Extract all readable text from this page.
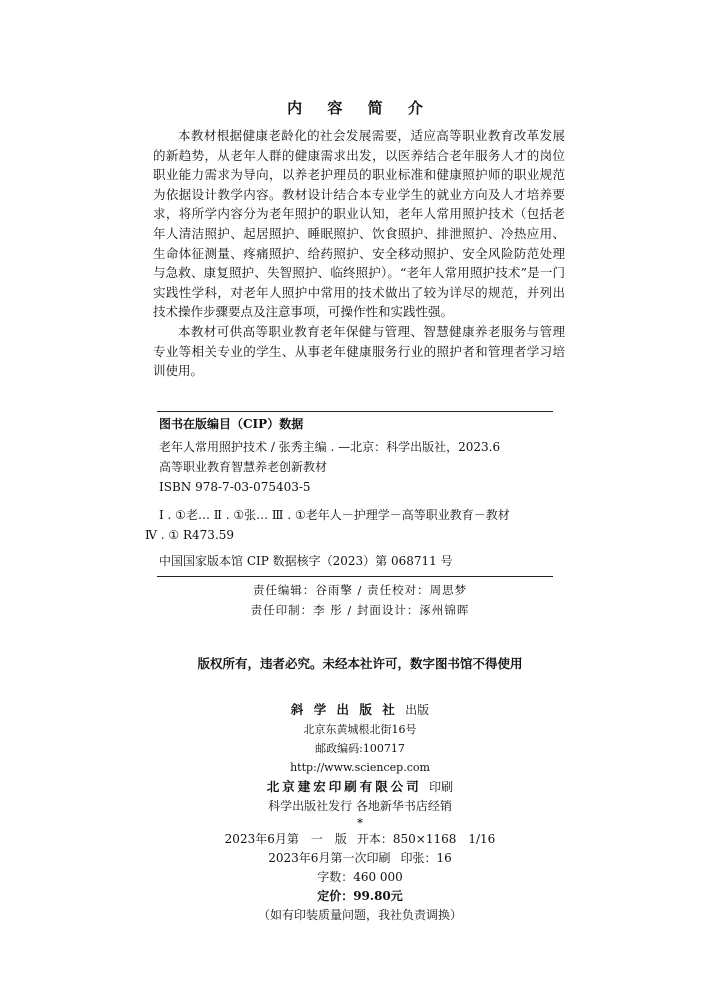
内 容 简 介

本教材根据健康老龄化的社会发展需要，适应高等职业教育改革发展的新趋势，从老年人群的健康需求出发，以医养结合老年服务人才的岗位职业能力需求为导向，以养老护理员的职业标准和健康照护师的职业规范为依据设计教学内容。教材设计结合本专业学生的就业方向及人才培养要求，将所学内容分为老年照护的职业认知，老年人常用照护技术（包括老年人清洁照护、起居照护、睡眠照护、饮食照护、排泄照护、冷热应用、生命体征测量、疼痛照护、给药照护、安全移动照护、安全风险防范处理与急救、康复照护、失智照护、临终照护）。“老年人常用照护技术”是一门实践性学科，对老年人照护中常用的技术做出了较为详尽的规范，并列出技术操作步骤要点及注意事项，可操作性和实践性强。

本教材可供高等职业教育老年保健与管理、智慧健康养老服务与管理专业等相关专业的学生、从事老年健康服务行业的照护者和管理者学习培训使用。

图书在版编目（CIP）数据
老年人常用照护技术 / 张秀主编 . —北京：科学出版社，2023.6
高等职业教育智慧养老创新教材
ISBN 978-7-03-075403-5
Ⅰ . ①老… Ⅱ . ①张… Ⅲ . ①老年人－护理学－高等职业教育－教材
Ⅳ . ① R473.59
中国国家版本馆 CIP 数据核字（2023）第 068711 号
责任编辑：谷雨擎 / 责任校对：周思梦
责任印制：李 彤 / 封面设计：涿州锦晖
版权所有，违者必究。未经本社许可，数字图书馆不得使用
斜 学 出 版 社 出版
北京东黄城根北街16号
邮政编码:100717
http://www.sciencep.com
北京建宏印刷有限公司 印刷
科学出版社发行 各地新华书店经销
*
2023年6月第　一　版 开本：850×1168　1/16
2023年6月第一次印刷 印张：16
字数：460 000
定价：99.80元
（如有印装质量问题，我社负责调换）
